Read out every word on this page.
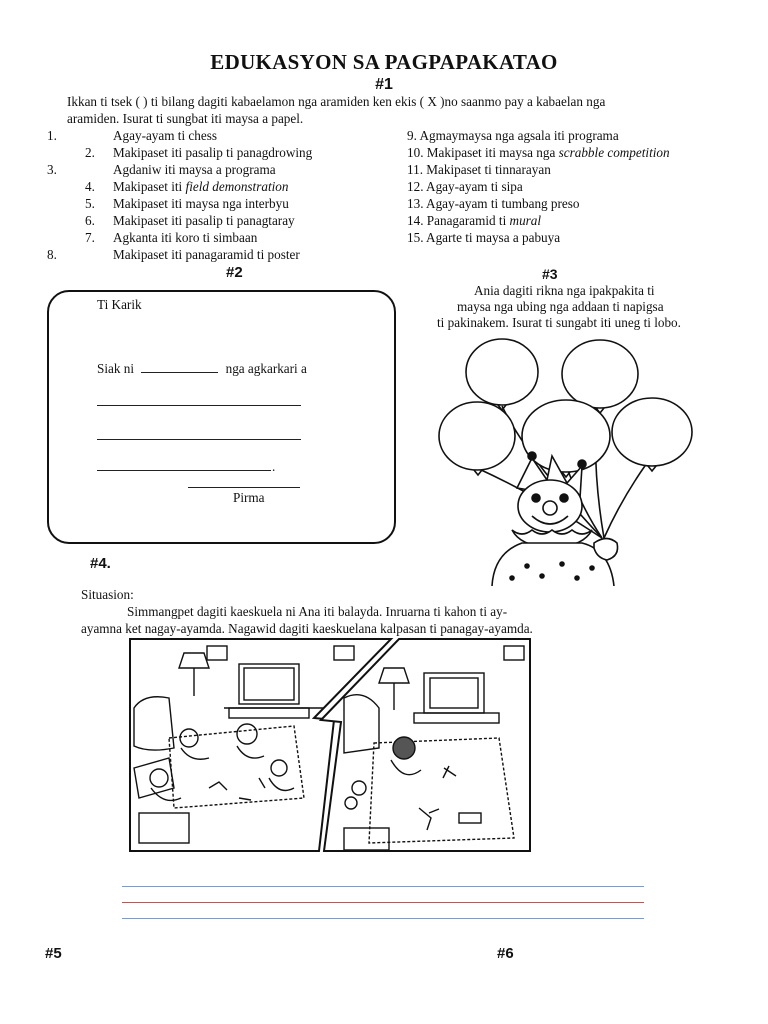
EDUKASYON SA PAGPAPAKATAO
#1
Ikkan ti tsek ( ) ti bilang dagiti kabaelamon nga aramiden ken ekis ( X )no saanmo pay a kabaelan nga
aramiden. Isurat ti sungbat iti maysa a papel.
1.	Agay-ayam ti chess
2. Makipaset iti pasalip ti panagdrowing
3.	Agdaniw iti maysa a programa
4. Makipaset iti field demonstration
5. Makipaset iti maysa nga interbyu
6. Makipaset iti pasalip ti panagtaray
7. Agkanta iti koro ti simbaan
8.	Makipaset iti panagaramid ti poster
9. Agmaymaysa nga agsala iti programa
10. Makipaset iti maysa nga scrabble competition
11. Makipaset ti tinnarayan
12. Agay-ayam ti sipa
13. Agay-ayam ti tumbang preso
14. Panagaramid ti mural
15. Agarte ti maysa a pabuya
#2
Ti Karik
Siak ni	nga agkarkari a
.
Pirma
#3
Ania dagiti rikna nga ipakpakita ti
maysa nga ubing nga addaan ti napigsa
ti pakinakem. Isurat ti sungabt iti uneg ti lobo.
#4.
Situasion:
Simmangpet dagiti kaeskuela ni Ana iti balayda. Inruarna ti kahon ti ay-
ayamna ket nagay-ayamda. Nagawid dagiti kaeskuelana kalpasan ti panagay-ayamda.
#5	#6
